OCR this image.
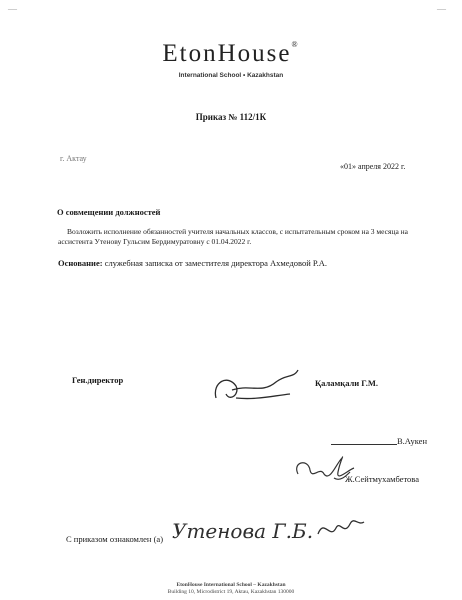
—	—
EtonHouse®
International School • Kazakhstan
Приказ № 112/1К
г. Актау
«01» апреля 2022 г.
О совмещении должностей
Возложить исполнение обязанностей учителя начальных классов, с испытательным сроком на 3 месяца на ассистента Утенову Гульсим Бердимуратовну с 01.04.2022 г.
Основание: служебная записка от заместителя директора Ахмедовой Р.А.
Ген.директор	Қаламқали Г.М.
В.Аукен
Ж.Сейтмухамбетова
С приказом ознакомлен (а) Утенова Г.Б.
EtonHouse International School – Kazakhstan
Building 10, Microdistrict 19, Aktau, Kazakhstan 130000
